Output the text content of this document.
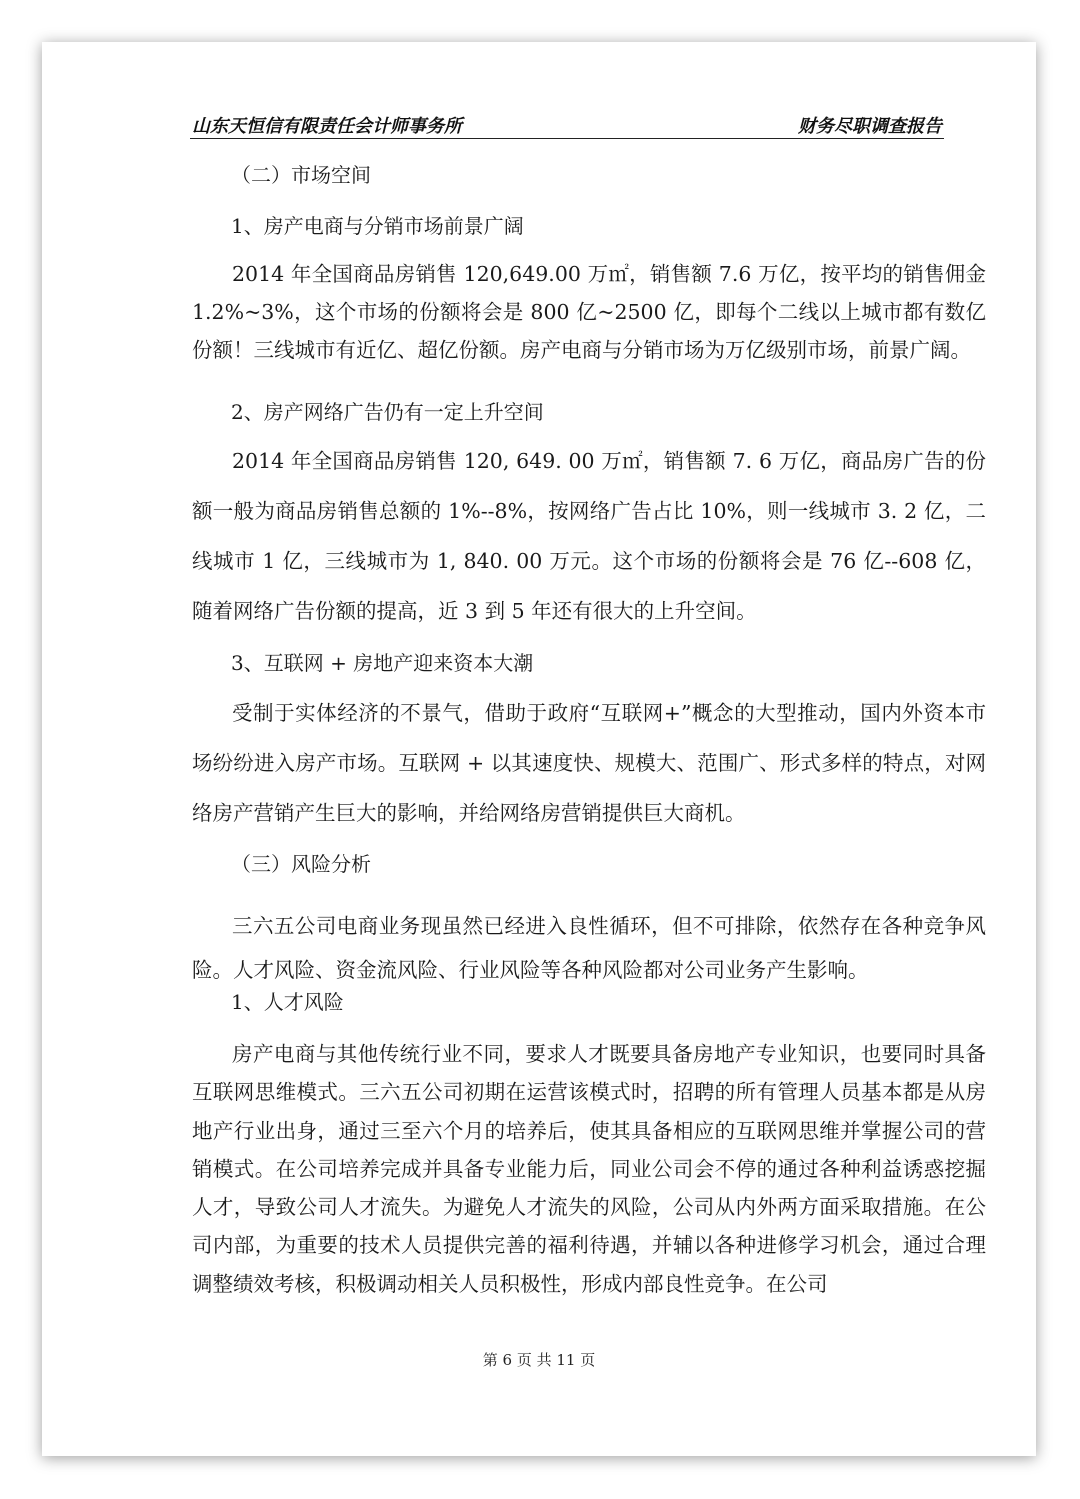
山东天恒信有限责任会计师事务所	财务尽职调查报告
（二）市场空间
1、房产电商与分销市场前景广阔
2014 年全国商品房销售 120,649.00 万㎡，销售额 7.6 万亿，按平均的销售佣金 1.2%~3%，这个市场的份额将会是 800 亿~2500 亿，即每个二线以上城市都有数亿份额！三线城市有近亿、超亿份额。房产电商与分销市场为万亿级别市场，前景广阔。
2、房产网络广告仍有一定上升空间
2014 年全国商品房销售 120, 649. 00 万㎡，销售额 7. 6 万亿，商品房广告的份额一般为商品房销售总额的 1%--8%，按网络广告占比 10%，则一线城市 3. 2 亿，二线城市 1 亿，三线城市为 1, 840. 00 万元。这个市场的份额将会是 76 亿--608 亿，随着网络广告份额的提高，近 3 到 5 年还有很大的上升空间。
3、互联网 + 房地产迎来资本大潮
受制于实体经济的不景气，借助于政府“互联网+”概念的大型推动，国内外资本市场纷纷进入房产市场。互联网 + 以其速度快、规模大、范围广、形式多样的特点，对网络房产营销产生巨大的影响，并给网络房营销提供巨大商机。
（三）风险分析
三六五公司电商业务现虽然已经进入良性循环，但不可排除，依然存在各种竞争风险。人才风险、资金流风险、行业风险等各种风险都对公司业务产生影响。
1、人才风险
房产电商与其他传统行业不同，要求人才既要具备房地产专业知识，也要同时具备互联网思维模式。三六五公司初期在运营该模式时，招聘的所有管理人员基本都是从房地产行业出身，通过三至六个月的培养后，使其具备相应的互联网思维并掌握公司的营销模式。在公司培养完成并具备专业能力后，同业公司会不停的通过各种利益诱惑挖掘人才，导致公司人才流失。为避免人才流失的风险，公司从内外两方面采取措施。在公司内部，为重要的技术人员提供完善的福利待遇，并辅以各种进修学习机会，通过合理调整绩效考核，积极调动相关人员积极性，形成内部良性竞争。在公司
第 6 页 共 11 页
